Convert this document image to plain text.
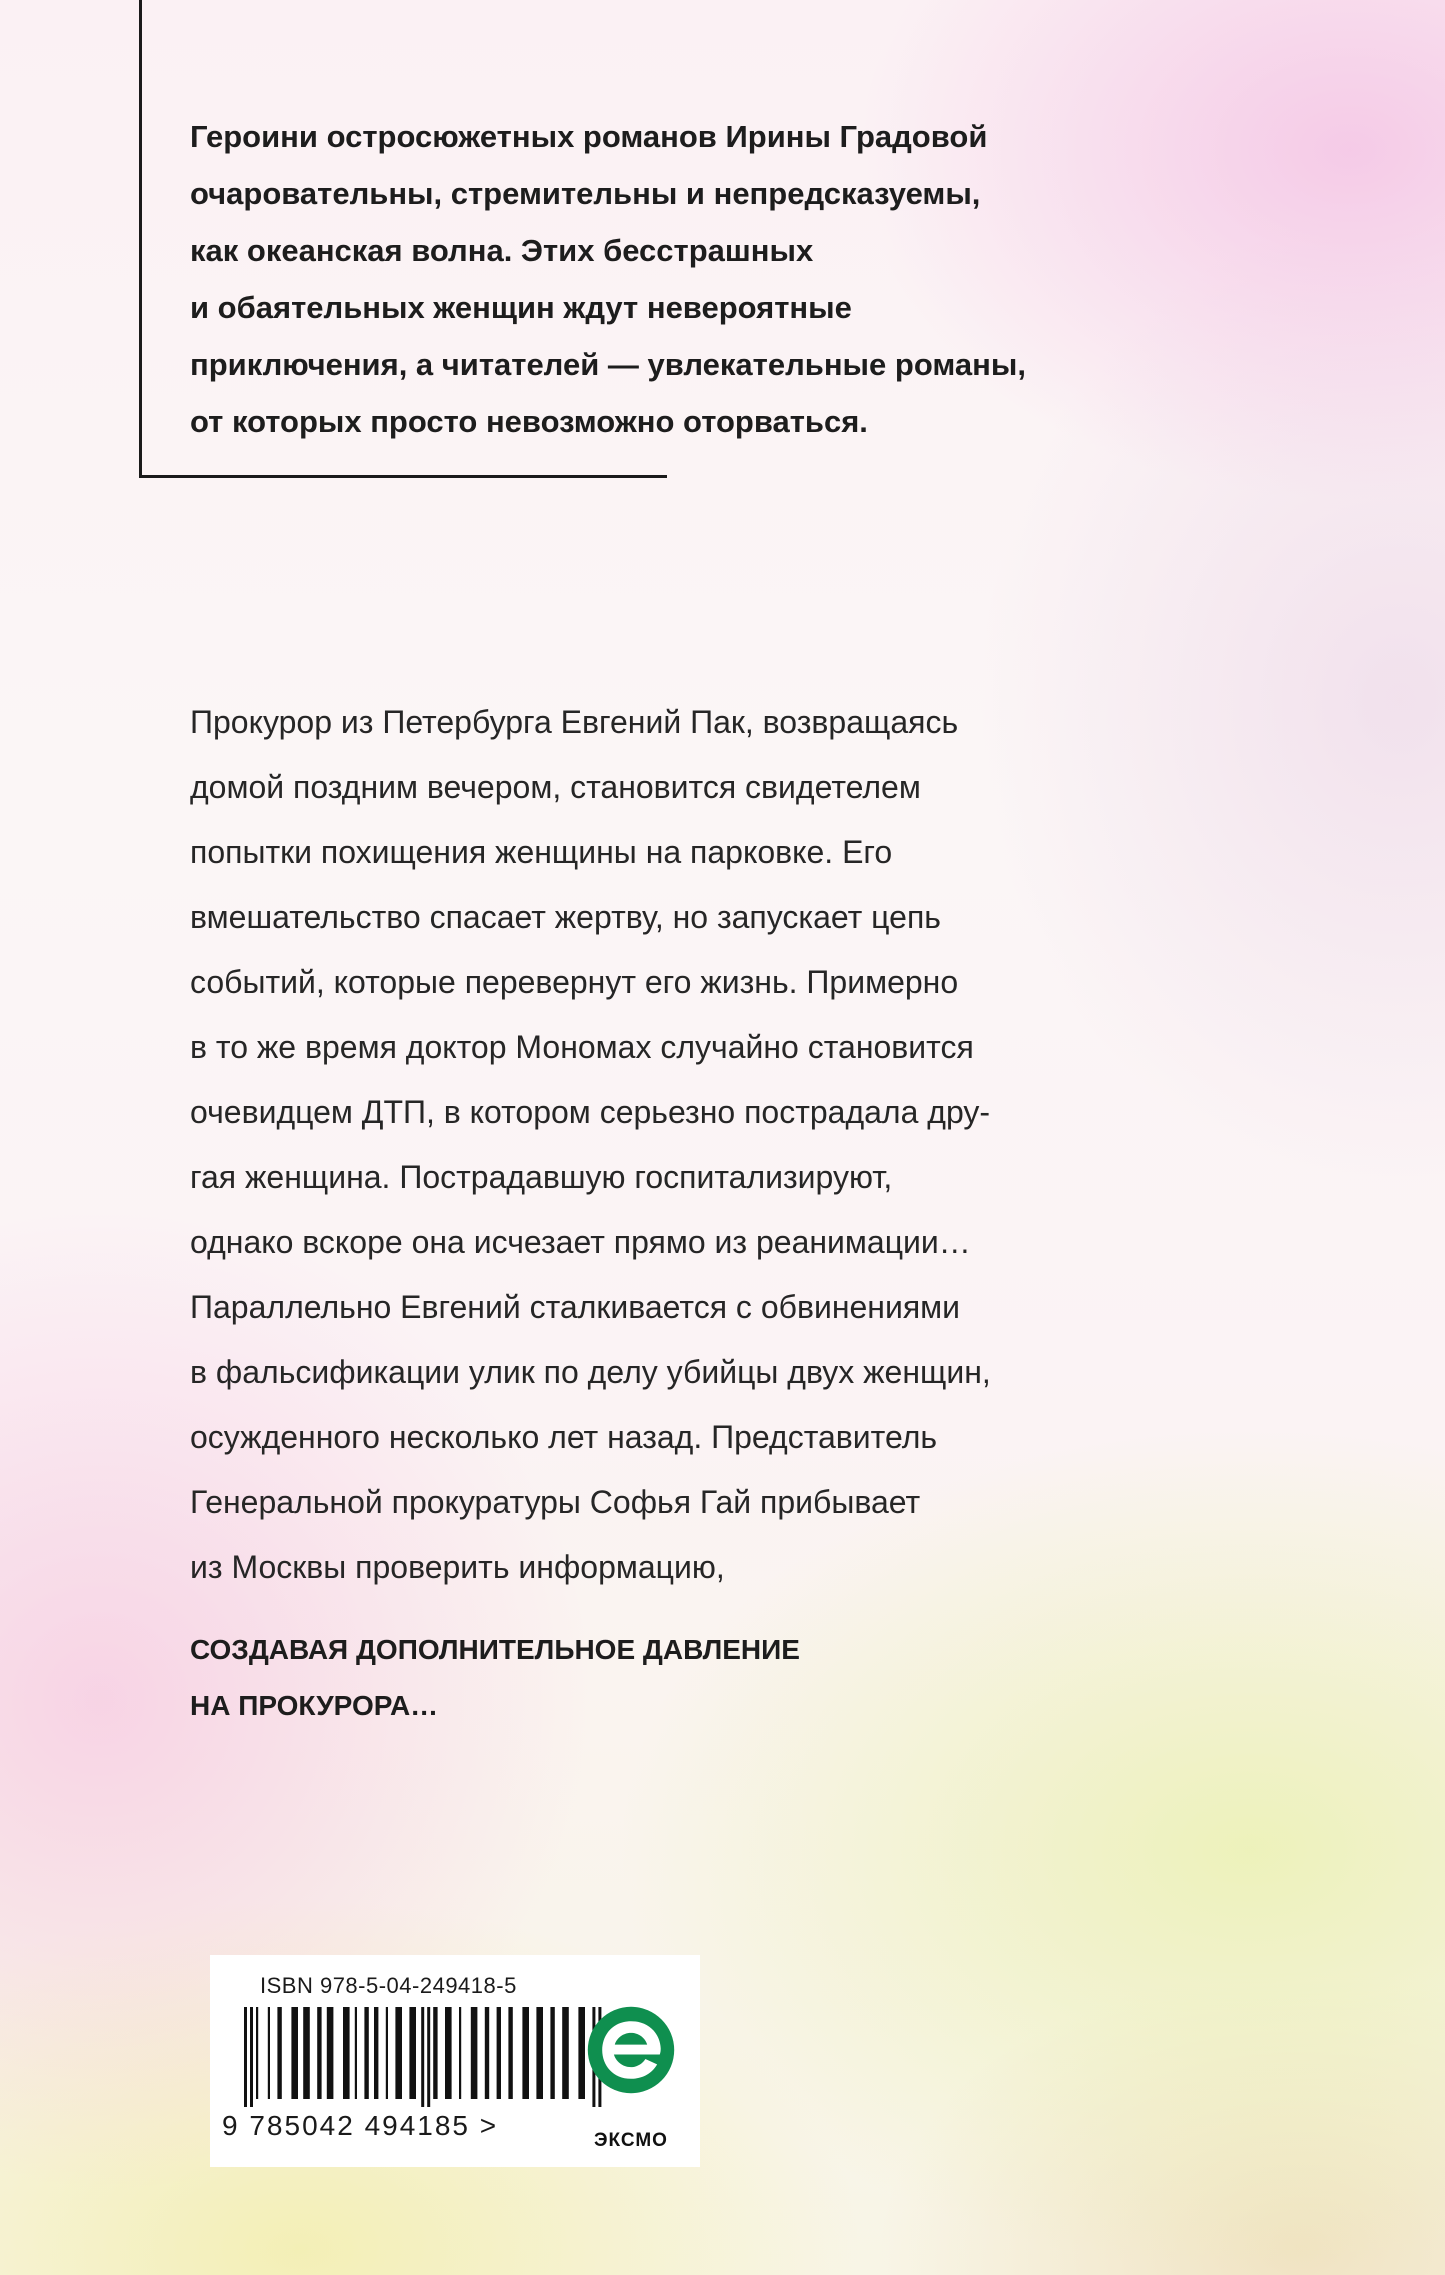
Героини остросюжетных романов Ирины Градовой
очаровательны, стремительны и непредсказуемы,
как океанская волна. Этих бесстрашных
и обаятельных женщин ждут невероятные
приключения, а читателей — увлекательные романы,
от которых просто невозможно оторваться.
Прокурор из Петербурга Евгений Пак, возвращаясь
домой поздним вечером, становится свидетелем
попытки похищения женщины на парковке. Его
вмешательство спасает жертву, но запускает цепь
событий, которые перевернут его жизнь. Примерно
в то же время доктор Мономах случайно становится
очевидцем ДТП, в котором серьезно пострадала дру-
гая женщина. Пострадавшую госпитализируют,
однако вскоре она исчезает прямо из реанимации…
Параллельно Евгений сталкивается с обвинениями
в фальсификации улик по делу убийцы двух женщин,
осужденного несколько лет назад. Представитель
Генеральной прокуратуры Софья Гай прибывает
из Москвы проверить информацию,
СОЗДАВАЯ ДОПОЛНИТЕЛЬНОЕ ДАВЛЕНИЕ
НА ПРОКУРОРА…
ISBN 978-5-04-249418-5
9 785042 494185 >	ЭКСМО
